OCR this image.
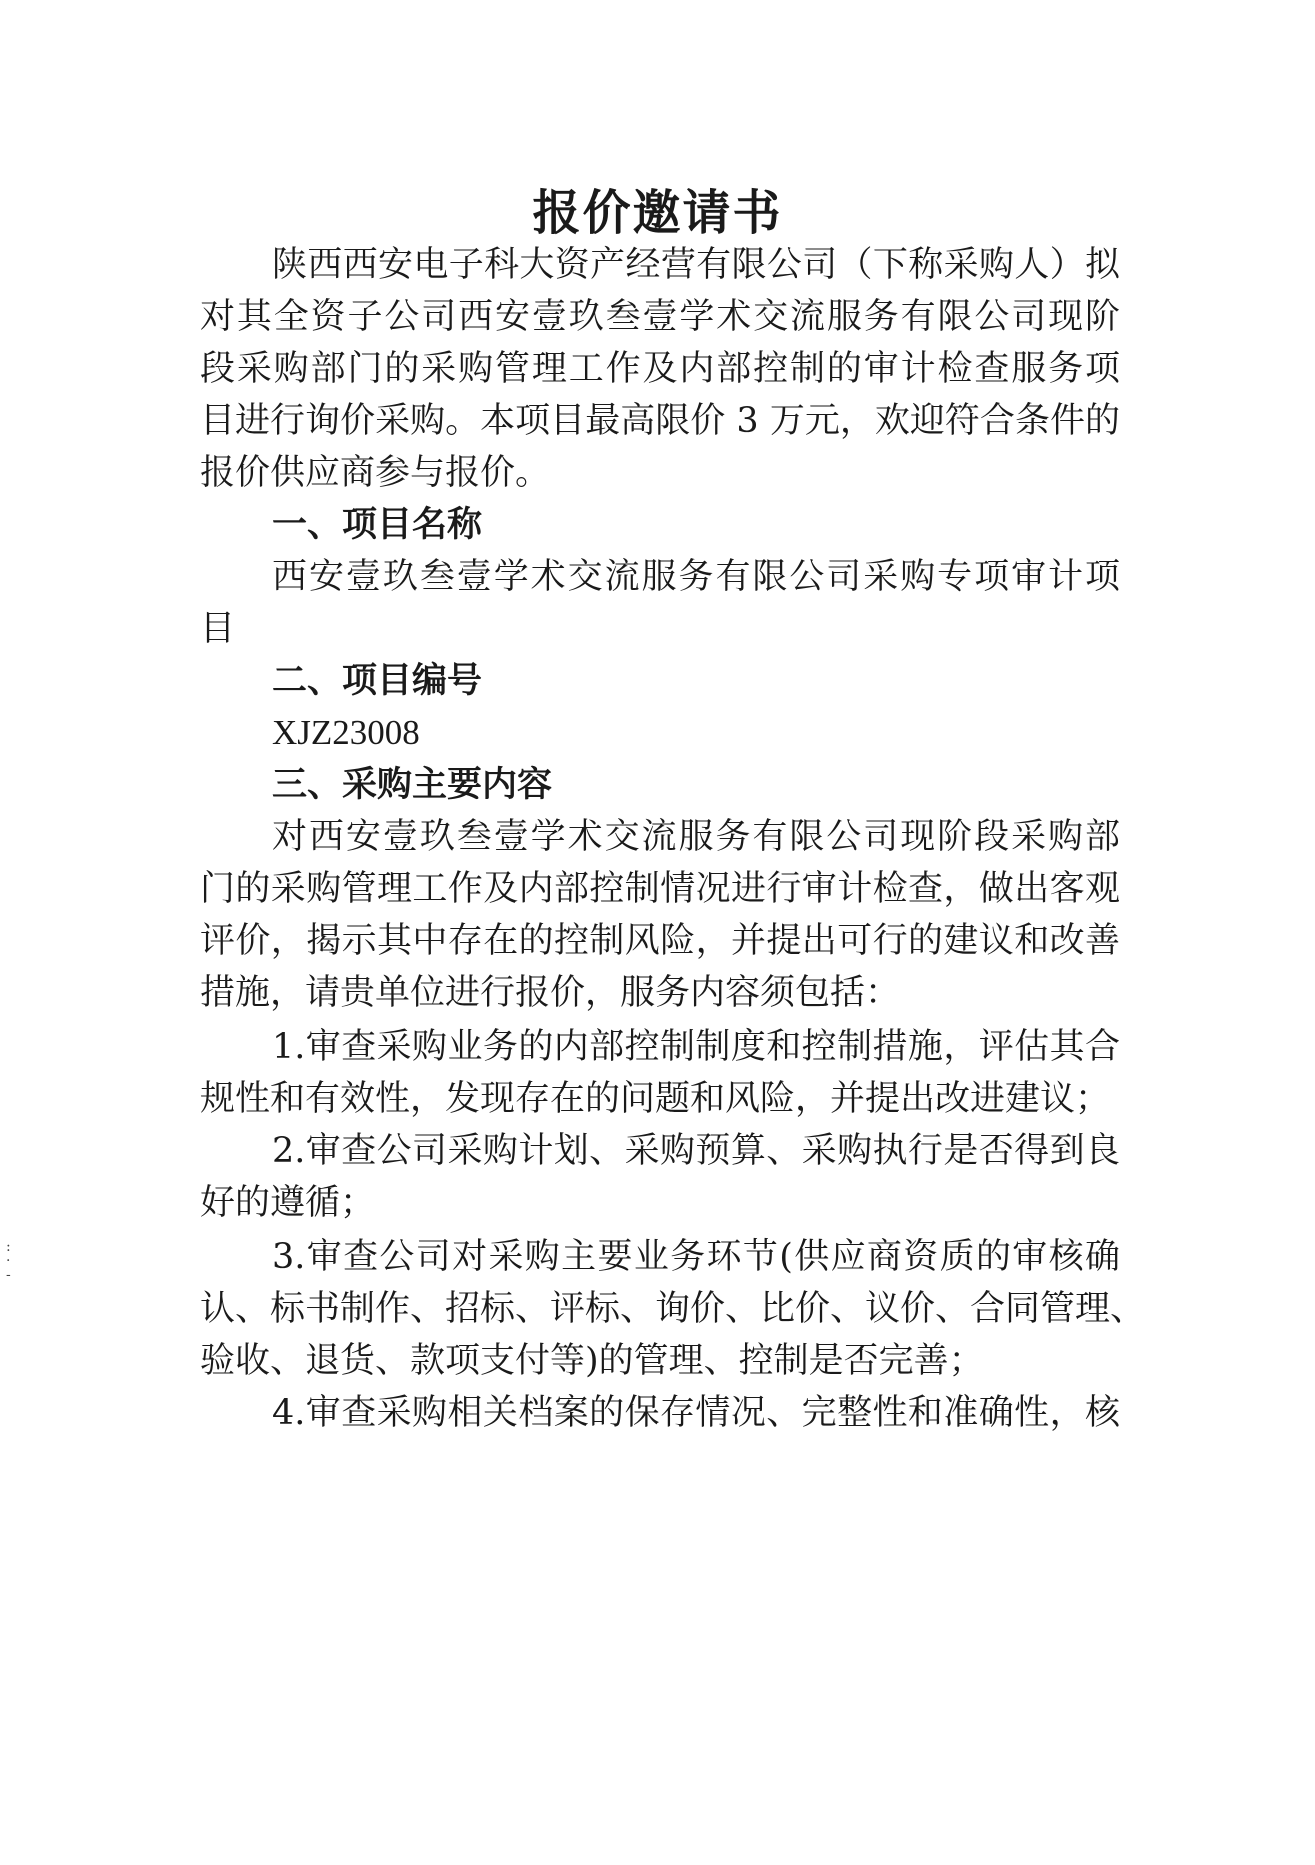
报价邀请书
陕西西安电子科大资产经营有限公司（下称采购人）拟
对其全资子公司西安壹玖叁壹学术交流服务有限公司现阶
段采购部门的采购管理工作及内部控制的审计检查服务项
目进行询价采购。本项目最高限价 3 万元，欢迎符合条件的
报价供应商参与报价。
一、项目名称
西安壹玖叁壹学术交流服务有限公司采购专项审计项
目
二、项目编号
XJZ23008
三、采购主要内容
对西安壹玖叁壹学术交流服务有限公司现阶段采购部
门的采购管理工作及内部控制情况进行审计检查，做出客观
评价，揭示其中存在的控制风险，并提出可行的建议和改善
措施，请贵单位进行报价，服务内容须包括：
1.审查采购业务的内部控制制度和控制措施，评估其合
规性和有效性，发现存在的问题和风险，并提出改进建议；
2.审查公司采购计划、采购预算、采购执行是否得到良
好的遵循；
3.审查公司对采购主要业务环节(供应商资质的审核确
认、标书制作、招标、评标、询价、比价、议价、合同管理、
验收、退货、款项支付等)的管理、控制是否完善；
4.审查采购相关档案的保存情况、完整性和准确性，核
:
·
-
